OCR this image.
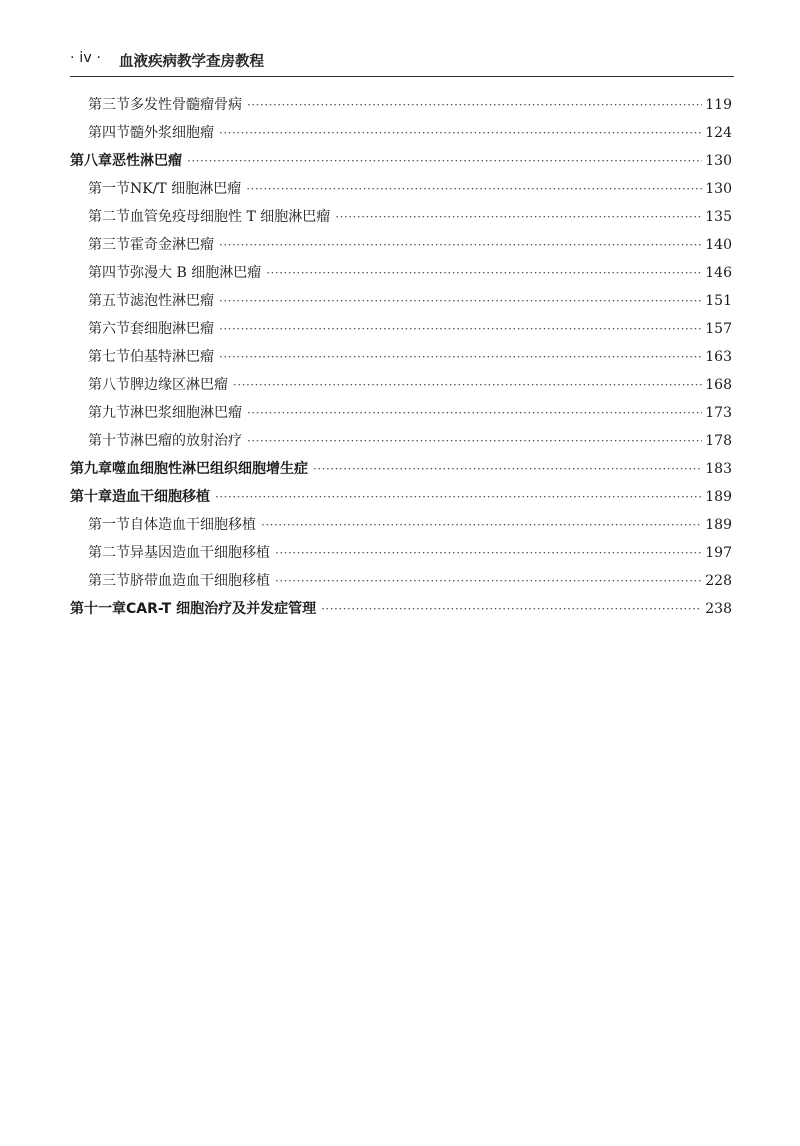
· iv · 血液疾病教学查房教程
第三节 多发性骨髓瘤骨病 ·····	119
第四节 髓外浆细胞瘤 ·····	124
第八章 恶性淋巴瘤 ·····	130
第一节 NK/T 细胞淋巴瘤 ·····	130
第二节 血管免疫母细胞性 T 细胞淋巴瘤 ·····	135
第三节 霍奇金淋巴瘤 ·····	140
第四节 弥漫大 B 细胞淋巴瘤 ·····	146
第五节 滤泡性淋巴瘤 ·····	151
第六节 套细胞淋巴瘤 ·····	157
第七节 伯基特淋巴瘤 ·····	163
第八节 脾边缘区淋巴瘤 ·····	168
第九节 淋巴浆细胞淋巴瘤 ·····	173
第十节 淋巴瘤的放射治疗 ·····	178
第九章 噬血细胞性淋巴组织细胞增生症 ·····	183
第十章 造血干细胞移植 ·····	189
第一节 自体造血干细胞移植 ·····	189
第二节 异基因造血干细胞移植 ·····	197
第三节 脐带血造血干细胞移植 ·····	228
第十一章 CAR-T 细胞治疗及并发症管理 ·····	238
